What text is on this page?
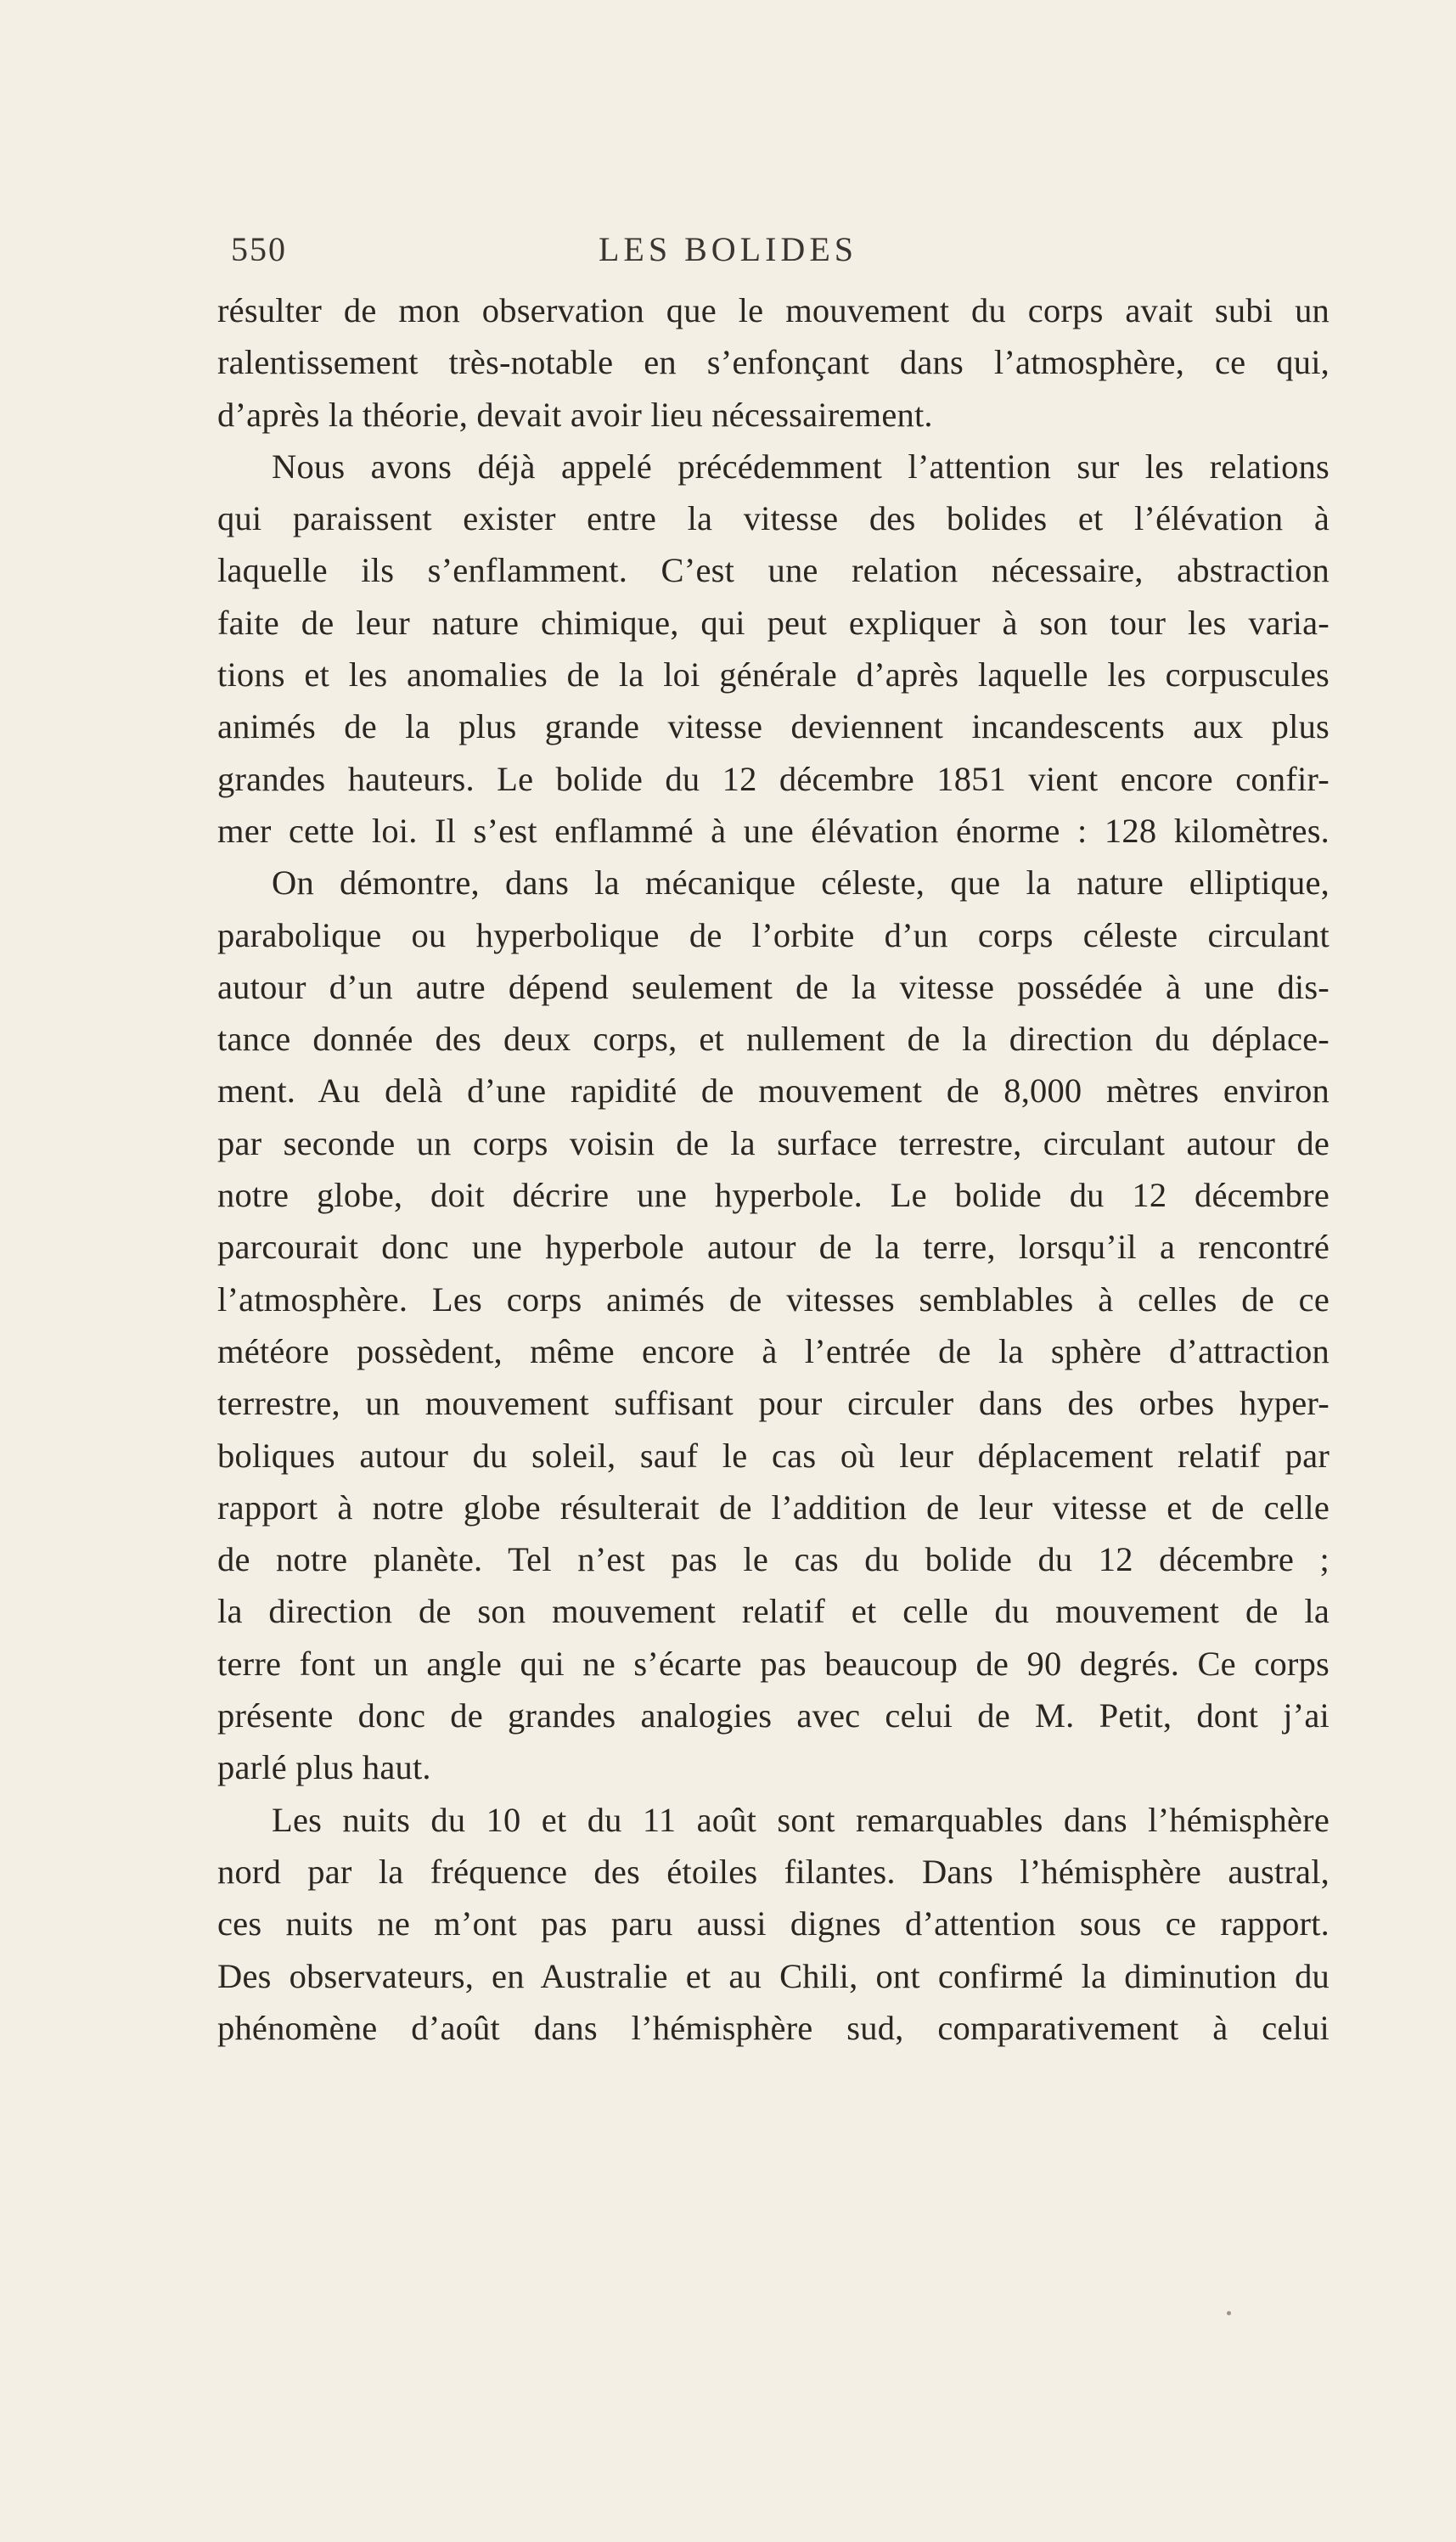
550	LES BOLIDES
résulter de mon observation que le mouvement du corps avait subi un
ralentissement très-notable en s’enfonçant dans l’atmosphère, ce qui,
d’après la théorie, devait avoir lieu nécessairement.
Nous avons déjà appelé précédemment l’attention sur les relations
qui paraissent exister entre la vitesse des bolides et l’élévation à
laquelle ils s’enflamment. C’est une relation nécessaire, abstraction
faite de leur nature chimique, qui peut expliquer à son tour les varia-
tions et les anomalies de la loi générale d’après laquelle les corpuscules
animés de la plus grande vitesse deviennent incandescents aux plus
grandes hauteurs. Le bolide du 12 décembre 1851 vient encore confir-
mer cette loi. Il s’est enflammé à une élévation énorme : 128 kilomètres.
On démontre, dans la mécanique céleste, que la nature elliptique,
parabolique ou hyperbolique de l’orbite d’un corps céleste circulant
autour d’un autre dépend seulement de la vitesse possédée à une dis-
tance donnée des deux corps, et nullement de la direction du déplace-
ment. Au delà d’une rapidité de mouvement de 8,000 mètres environ
par seconde un corps voisin de la surface terrestre, circulant autour de
notre globe, doit décrire une hyperbole. Le bolide du 12 décembre
parcourait donc une hyperbole autour de la terre, lorsqu’il a rencontré
l’atmosphère. Les corps animés de vitesses semblables à celles de ce
météore possèdent, même encore à l’entrée de la sphère d’attraction
terrestre, un mouvement suffisant pour circuler dans des orbes hyper-
boliques autour du soleil, sauf le cas où leur déplacement relatif par
rapport à notre globe résulterait de l’addition de leur vitesse et de celle
de notre planète. Tel n’est pas le cas du bolide du 12 décembre ;
la direction de son mouvement relatif et celle du mouvement de la
terre font un angle qui ne s’écarte pas beaucoup de 90 degrés. Ce corps
présente donc de grandes analogies avec celui de M. Petit, dont j’ai
parlé plus haut.
Les nuits du 10 et du 11 août sont remarquables dans l’hémisphère
nord par la fréquence des étoiles filantes. Dans l’hémisphère austral,
ces nuits ne m’ont pas paru aussi dignes d’attention sous ce rapport.
Des observateurs, en Australie et au Chili, ont confirmé la diminution du
phénomène d’août dans l’hémisphère sud, comparativement à celui
